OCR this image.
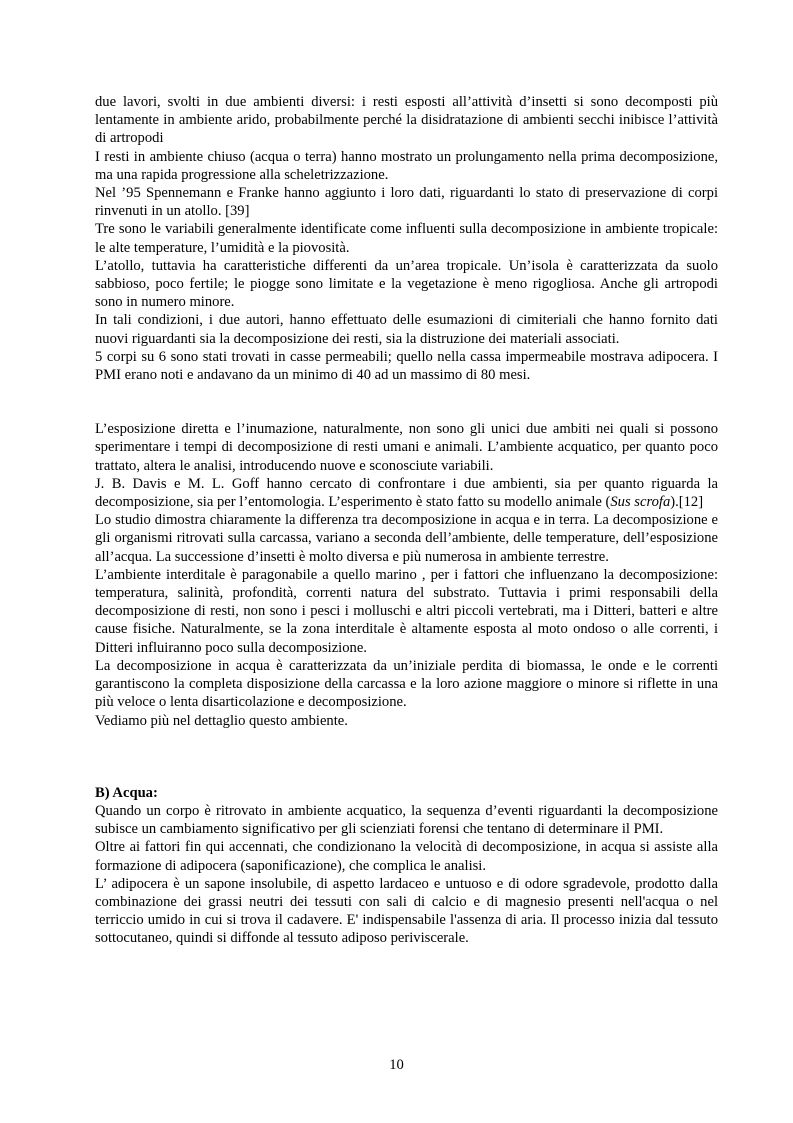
due lavori, svolti in due ambienti diversi: i resti esposti all’attività d’insetti si sono decomposti più lentamente in ambiente arido, probabilmente perché la disidratazione di ambienti secchi inibisce l’attività di artropodi

I resti in ambiente chiuso (acqua o terra) hanno mostrato un prolungamento nella prima decomposizione, ma una rapida progressione alla scheletrizzazione.

Nel ’95 Spennemann e Franke hanno aggiunto i loro dati, riguardanti lo stato di preservazione di corpi rinvenuti in un atollo. [39]

Tre sono le variabili generalmente identificate come influenti sulla decomposizione in ambiente tropicale: le alte temperature, l’umidità e la piovosità.

L’atollo, tuttavia ha caratteristiche differenti da un’area tropicale. Un’isola è caratterizzata da suolo sabbioso, poco fertile; le piogge sono limitate e la vegetazione è meno rigogliosa. Anche gli artropodi sono in numero minore.

In tali condizioni, i due autori, hanno effettuato delle esumazioni di cimiteriali che hanno fornito dati nuovi riguardanti sia la decomposizione dei resti, sia la distruzione dei materiali associati.

5 corpi su 6 sono stati trovati in casse permeabili; quello nella cassa impermeabile mostrava adipocera. I PMI erano noti e andavano da un minimo di 40 ad un massimo di 80 mesi.

L’esposizione diretta e l’inumazione, naturalmente, non sono gli unici due ambiti nei quali si possono sperimentare i tempi di decomposizione di resti umani e animali. L’ambiente acquatico, per quanto poco trattato, altera le analisi, introducendo nuove e sconosciute variabili.

J. B. Davis e M. L. Goff hanno cercato di confrontare i due ambienti, sia per quanto riguarda la decomposizione, sia per l’entomologia. L’esperimento è stato fatto su modello animale (Sus scrofa).[12]

Lo studio dimostra chiaramente la differenza tra decomposizione in acqua e in terra. La decomposizione e gli organismi ritrovati sulla carcassa, variano a seconda dell’ambiente, delle temperature, dell’esposizione all’acqua. La successione d’insetti è molto diversa e più numerosa in ambiente terrestre.

L’ambiente interditale è paragonabile a quello marino , per i fattori che influenzano la decomposizione: temperatura, salinità, profondità, correnti natura del substrato. Tuttavia i primi responsabili della decomposizione di resti, non sono i pesci i molluschi e altri piccoli vertebrati, ma i Ditteri, batteri e altre cause fisiche. Naturalmente, se la zona interditale è altamente esposta al moto ondoso o alle correnti, i Ditteri influiranno poco sulla decomposizione.

La decomposizione in acqua è caratterizzata da un’iniziale perdita di biomassa, le onde e le correnti garantiscono la completa disposizione della carcassa e la loro azione maggiore o minore si riflette in una più veloce o lenta disarticolazione e decomposizione.

Vediamo più nel dettaglio questo ambiente.

B) Acqua:

Quando un corpo è ritrovato in ambiente acquatico, la sequenza d’eventi riguardanti la decomposizione subisce un cambiamento significativo per gli scienziati forensi che tentano di determinare il PMI.

Oltre ai fattori fin qui accennati, che condizionano la velocità di decomposizione, in acqua si assiste alla formazione di adipocera (saponificazione), che complica le analisi.

L’ adipocera è un sapone insolubile, di aspetto lardaceo e untuoso e di odore sgradevole, prodotto dalla combinazione dei grassi neutri dei tessuti con sali di calcio e di magnesio presenti nell'acqua o nel terriccio umido in cui si trova il cadavere. E' indispensabile l'assenza di aria. Il processo inizia dal tessuto sottocutaneo, quindi si diffonde al tessuto adiposo periviscerale.

10
